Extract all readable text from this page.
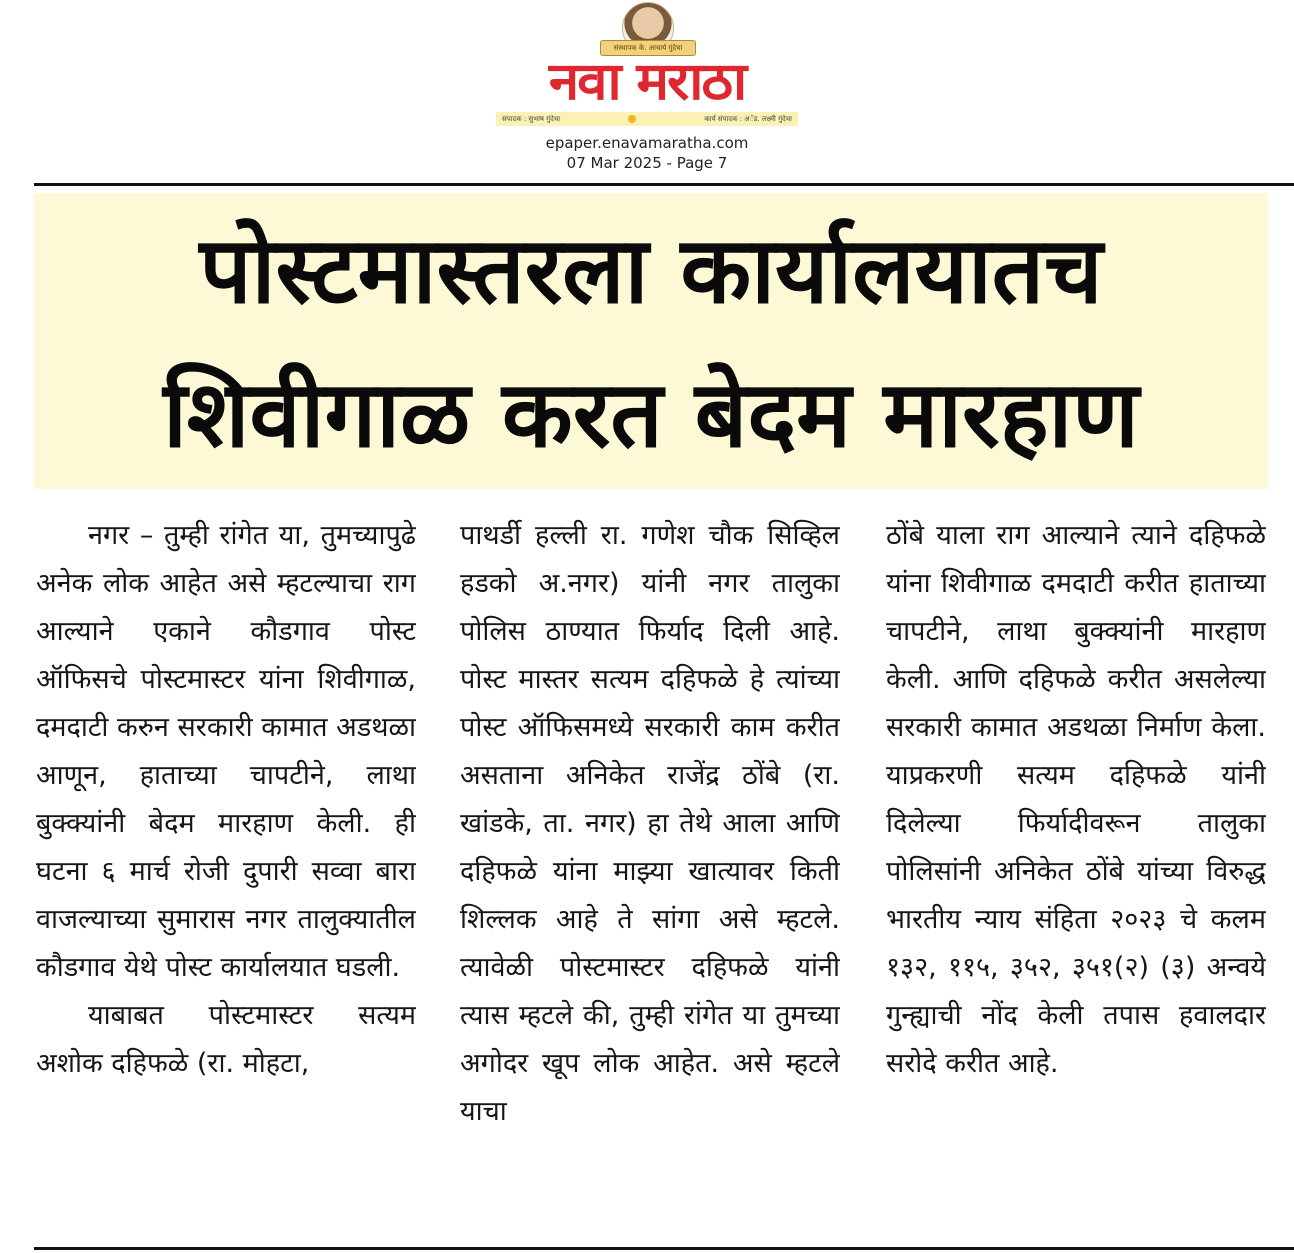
संस्थापक के. आचार्य गुंदेचा
नवा मराठा
संपादक : सुभाष गुंदेचा	कार्य संपादक : अॅड. लक्ष्मी गुंदेचा
epaper.enavamaratha.com
07 Mar 2025 - Page 7
पोस्टमास्तरला कार्यालयातच
शिवीगाळ करत बेदम मारहाण

नगर – तुम्ही रांगेत या, तुमच्यापुढे अनेक लोक आहेत असे म्हटल्याचा राग आल्याने एकाने कौडगाव पोस्ट ऑफिसचे पोस्टमास्टर यांना शिवीगाळ, दमदाटी करुन सरकारी कामात अडथळा आणून, हाताच्या चापटीने, लाथा बुक्क्यांनी बेदम मारहाण केली. ही घटना ६ मार्च रोजी दुपारी सव्वा बारा वाजल्याच्या सुमारास नगर तालुक्यातील कौडगाव येथे पोस्ट कार्यालयात घडली.

याबाबत पोस्टमास्टर सत्यम अशोक दहिफळे (रा. मोहटा,

पाथर्डी हल्ली रा. गणेश चौक सिव्हिल हडको अ.नगर) यांनी नगर तालुका पोलिस ठाण्यात फिर्याद दिली आहे. पोस्ट मास्तर सत्यम दहिफळे हे त्यांच्या पोस्ट ऑफिसमध्ये सरकारी काम करीत असताना अनिकेत राजेंद्र ठोंबे (रा. खांडके, ता. नगर) हा तेथे आला आणि दहिफळे यांना माझ्या खात्यावर किती शिल्लक आहे ते सांगा असे म्हटले. त्यावेळी पोस्टमास्टर दहिफळे यांनी त्यास म्हटले की, तुम्ही रांगेत या तुमच्या अगोदर खूप लोक आहेत. असे म्हटले याचा

ठोंबे याला राग आल्याने त्याने दहिफळे यांना शिवीगाळ दमदाटी करीत हाताच्या चापटीने, लाथा बुक्क्यांनी मारहाण केली. आणि दहिफळे करीत असलेल्या सरकारी कामात अडथळा निर्माण केला. याप्रकरणी सत्यम दहिफळे यांनी दिलेल्या फिर्यादीवरून तालुका पोलिसांनी अनिकेत ठोंबे यांच्या विरुद्ध भारतीय न्याय संहिता २०२३ चे कलम १३२, ११५, ३५२, ३५१(२) (३) अन्वये गुन्ह्याची नोंद केली तपास हवालदार सरोदे करीत आहे.
